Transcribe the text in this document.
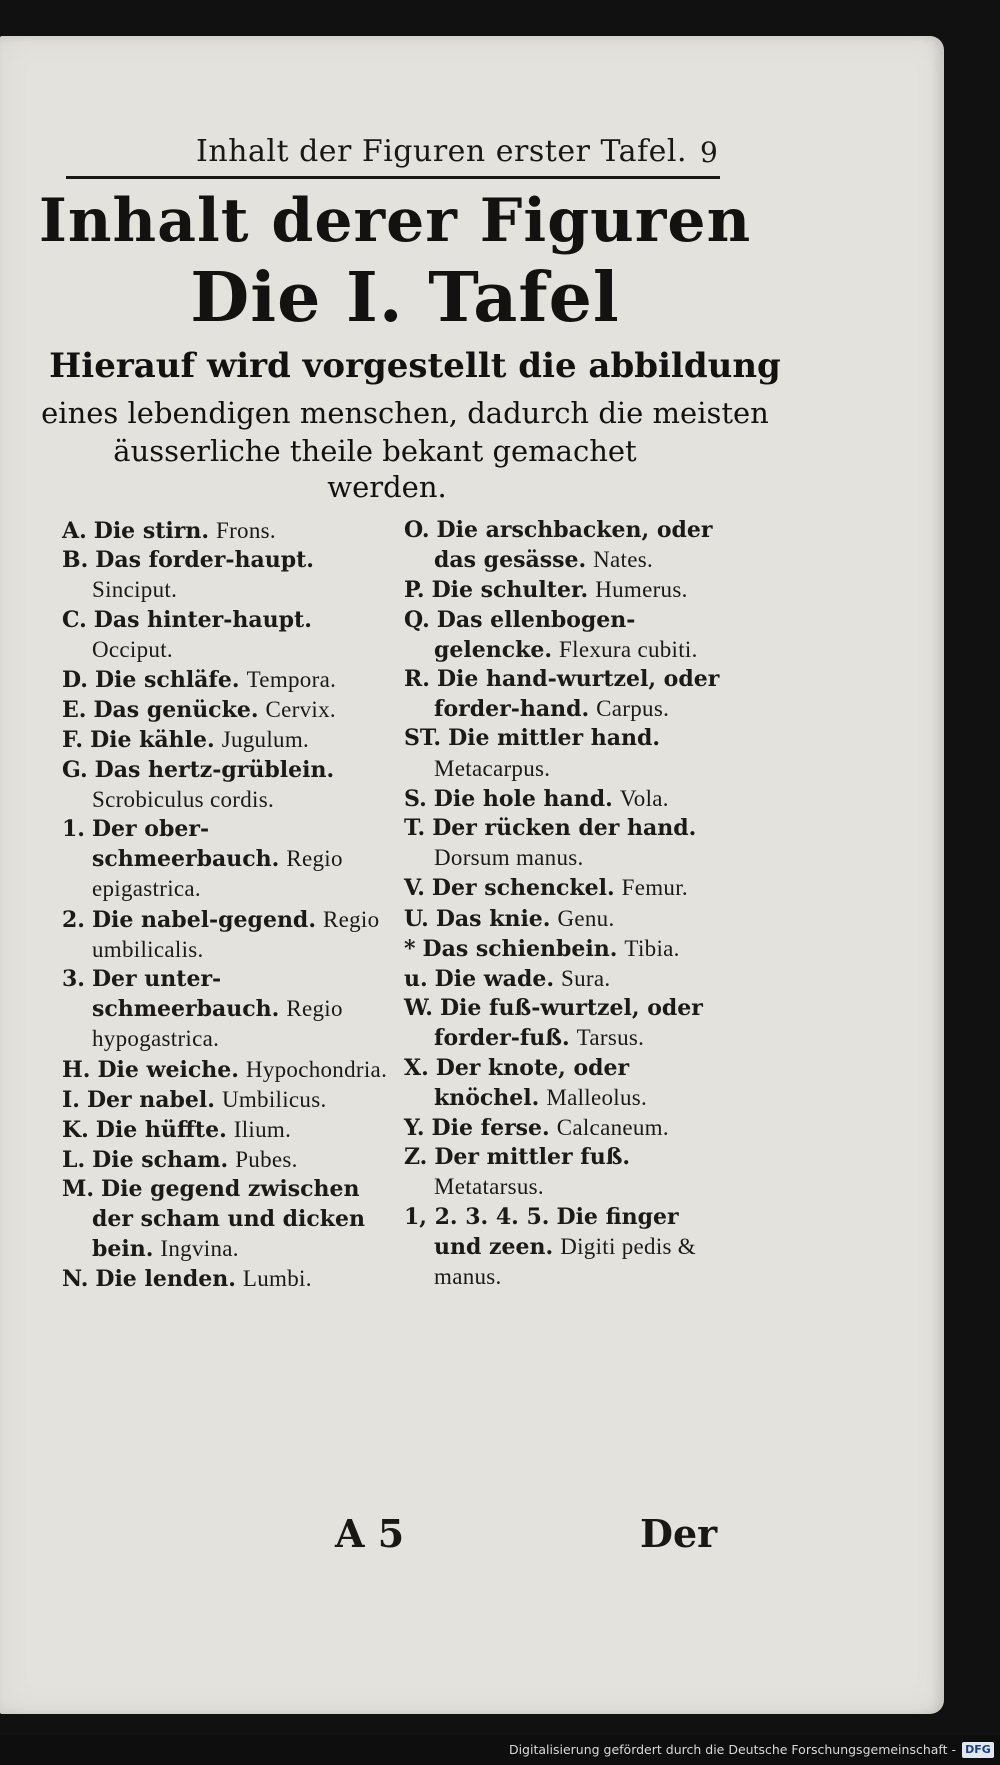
Inhalt der Figuren erster Tafel. 9
Inhalt derer Figuren
Die I. Tafel
Hierauf wird vorgestellt die abbildung
eines lebendigen menschen, dadurch die meisten
äusserliche theile bekant gemachet
werden.

A. Die stirn. Frons.

B. Das forder-haupt. Sinciput.

C. Das hinter-haupt. Occiput.

D. Die schläfe. Tempora.

E. Das genücke. Cervix.

F. Die kähle. Jugulum.

G. Das hertz-grüblein. Scrobiculus cordis.

1. Der ober-schmeerbauch. Regio epigastrica.

2. Die nabel-gegend. Regio umbilicalis.

3. Der unter-schmeerbauch. Regio hypogastrica.

H. Die weiche. Hypochondria.

I. Der nabel. Umbilicus.

K. Die hüffte. Ilium.

L. Die scham. Pubes.

M. Die gegend zwischen der scham und dicken bein. Ingvina.

N. Die lenden. Lumbi.

O. Die arschbacken, oder das gesässe. Nates.

P. Die schulter. Humerus.

Q. Das ellenbogen-gelencke. Flexura cubiti.

R. Die hand-wurtzel, oder forder-hand. Carpus.

ST. Die mittler hand. Metacarpus.

S. Die hole hand. Vola.

T. Der rücken der hand. Dorsum manus.

V. Der schenckel. Femur.

U. Das knie. Genu.

* Das schienbein. Tibia.

u. Die wade. Sura.

W. Die fuß-wurtzel, oder forder-fuß. Tarsus.

X. Der knote, oder knöchel. Malleolus.

Y. Die ferse. Calcaneum.

Z. Der mittler fuß. Metatarsus.

1, 2. 3. 4. 5. Die finger und zeen. Digiti pedis & manus.

A 5	Der
Digitalisierung gefördert durch die Deutsche Forschungsgemeinschaft - DFG
